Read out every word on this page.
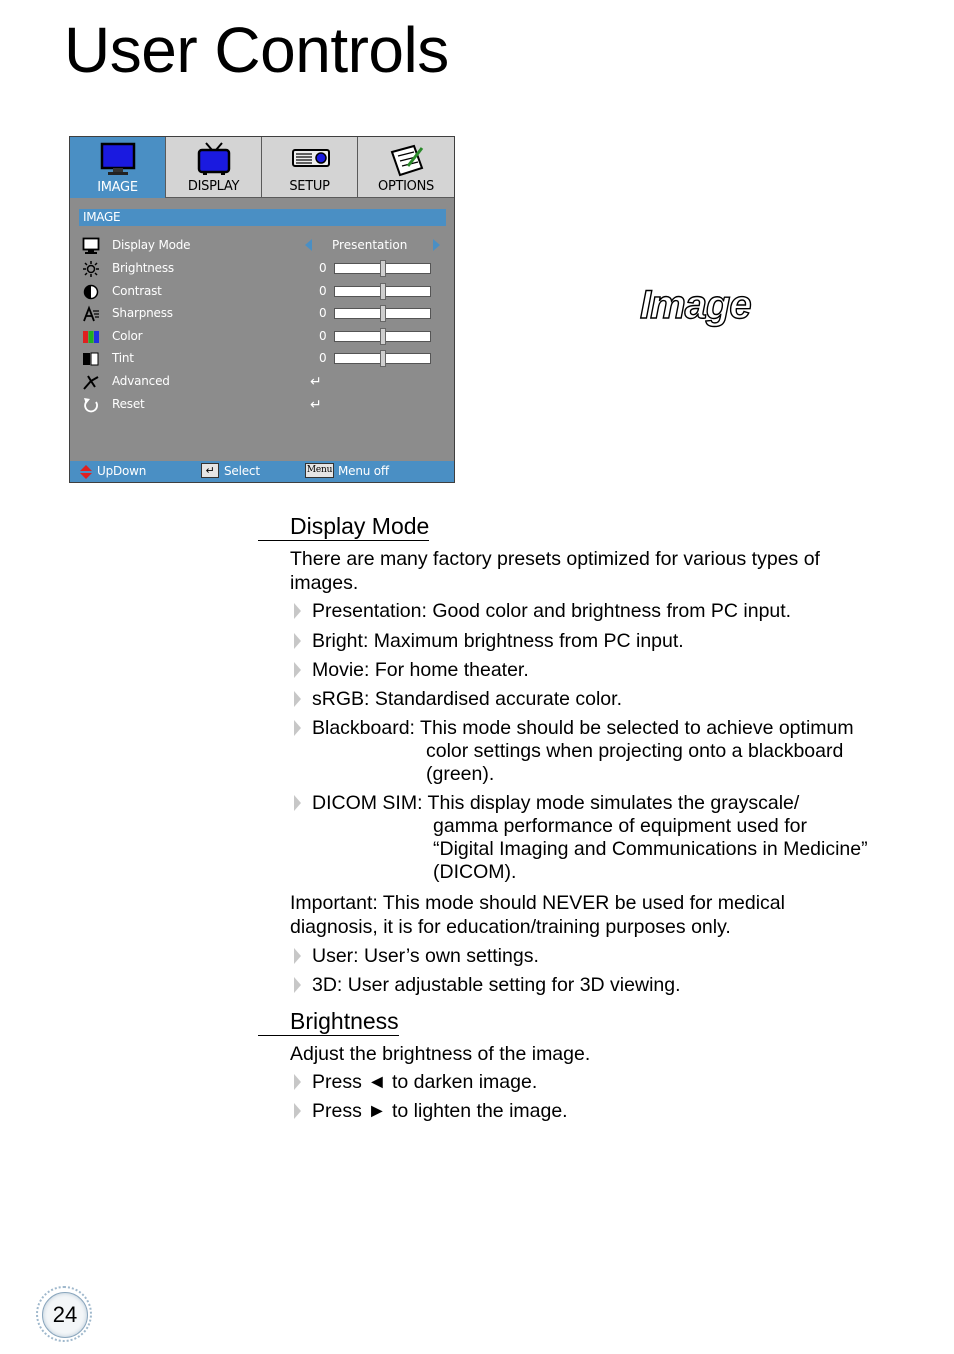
User Controls
IMAGE	DISPLAY	SETUP	OPTIONS
IMAGE
Display Mode	Presentation
Brightness	0
Contrast	0
Sharpness	0
Color	0
Tint	0
Advanced	↵
Reset	↵
UpDown	↵ Select	Menu Menu off
Image
Display Mode
There are many factory presets optimized for various types of images.
Presentation: Good color and brightness from PC input.
Bright: Maximum brightness from PC input.
Movie: For home theater.
sRGB: Standardised accurate color.
Blackboard: This mode should be selected to achieve optimum
color settings when projecting onto a blackboard
(green).
DICOM SIM: This display mode simulates the grayscale/
gamma performance of equipment used for
“Digital Imaging and Communications in Medicine”
(DICOM).
Important: This mode should NEVER be used for medical diagnosis, it is for education/training purposes only.
User: User’s own settings.
3D: User adjustable setting for 3D viewing.
Brightness
Adjust the brightness of the image.
Press ◄ to darken image.
Press ► to lighten the image.
24
